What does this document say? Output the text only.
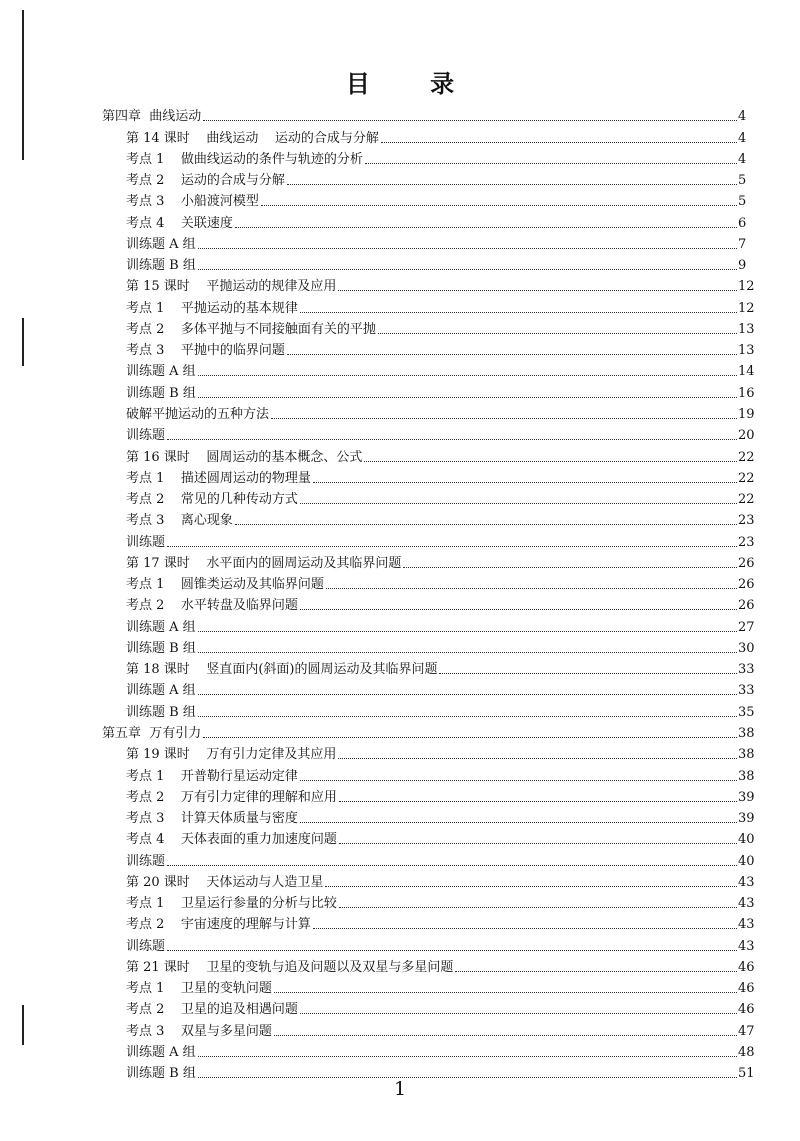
目 录
第四章  曲线运动	4
第 14 课时    曲线运动    运动的合成与分解	4
考点 1    做曲线运动的条件与轨迹的分析	4
考点 2    运动的合成与分解	5
考点 3    小船渡河模型	5
考点 4    关联速度	6
训练题 A 组	7
训练题 B 组	9
第 15 课时    平抛运动的规律及应用	12
考点 1    平抛运动的基本规律	12
考点 2    多体平抛与不同接触面有关的平抛	13
考点 3    平抛中的临界问题	13
训练题 A 组	14
训练题 B 组	16
破解平抛运动的五种方法	19
训练题	20
第 16 课时    圆周运动的基本概念、公式	22
考点 1    描述圆周运动的物理量	22
考点 2    常见的几种传动方式	22
考点 3    离心现象	23
训练题	23
第 17 课时    水平面内的圆周运动及其临界问题	26
考点 1    圆锥类运动及其临界问题	26
考点 2    水平转盘及临界问题	26
训练题 A 组	27
训练题 B 组	30
第 18 课时    竖直面内(斜面)的圆周运动及其临界问题	33
训练题 A 组	33
训练题 B 组	35
第五章  万有引力	38
第 19 课时    万有引力定律及其应用	38
考点 1    开普勒行星运动定律	38
考点 2    万有引力定律的理解和应用	39
考点 3    计算天体质量与密度	39
考点 4    天体表面的重力加速度问题	40
训练题	40
第 20 课时    天体运动与人造卫星	43
考点 1    卫星运行参量的分析与比较	43
考点 2    宇宙速度的理解与计算	43
训练题	43
第 21 课时    卫星的变轨与追及问题以及双星与多星问题	46
考点 1    卫星的变轨问题	46
考点 2    卫星的追及相遇问题	46
考点 3    双星与多星问题	47
训练题 A 组	48
训练题 B 组	51
1
